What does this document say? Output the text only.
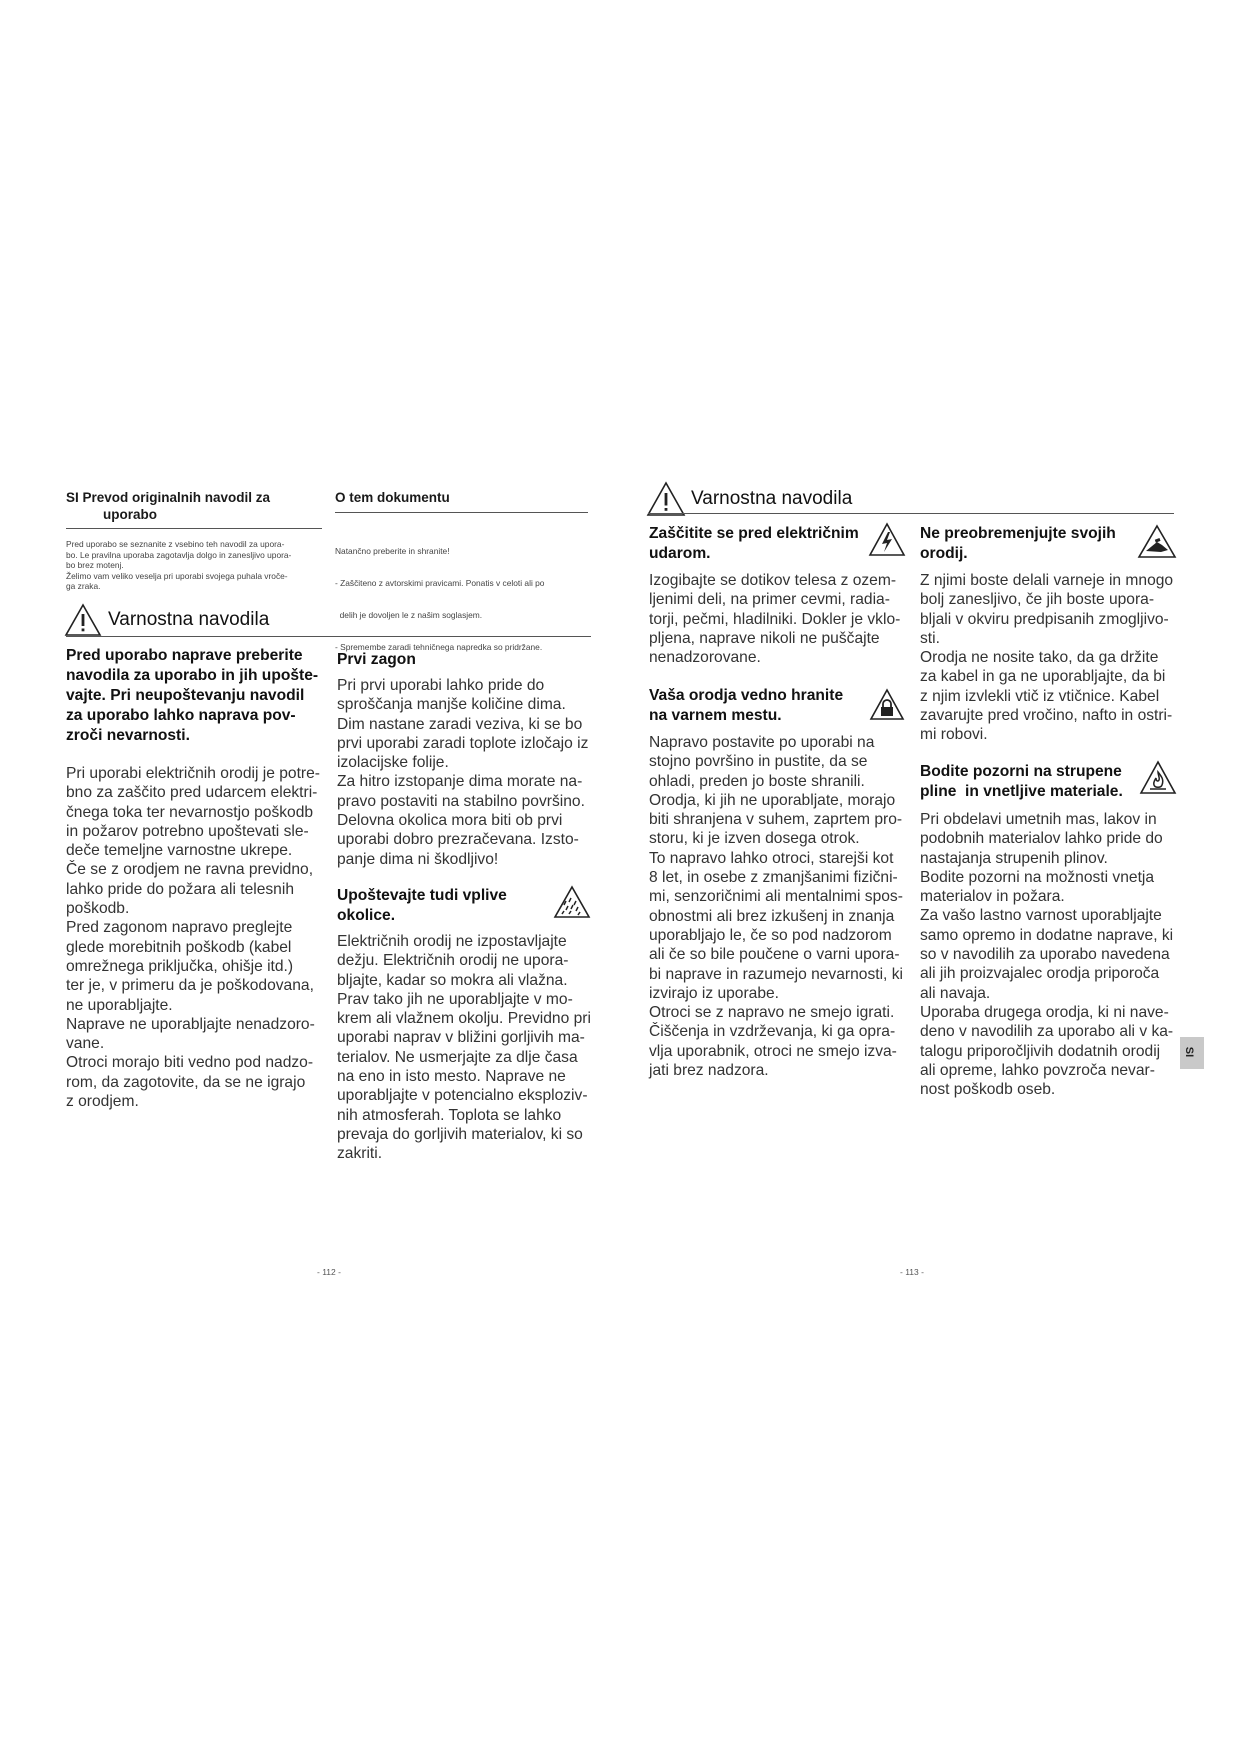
SI Prevod originalnih navodil za
uporabo
Pred uporabo se seznanite z vsebino teh navodil za upora-
bo. Le pravilna uporaba zagotavlja dolgo in zanesljivo upora-
bo brez motenj.
Želimo vam veliko veselja pri uporabi svojega puhala vroče-
ga zraka.
O tem dokumentu

Natančno preberite in shranite!

- Zaščiteno z avtorskimi pravicami. Ponatis v celoti ali po

delih je dovoljen le z našim soglasjem.

- Spremembe zaradi tehničnega napredka so pridržane.

Varnostna navodila
Pred uporabo naprave preberite
navodila za uporabo in jih upošte-
vajte. Pri neupoštevanju navodil
za uporabo lahko naprava pov-
zroči nevarnosti.
Pri uporabi električnih orodij je potre-
bno za zaščito pred udarcem elektri-
čnega toka ter nevarnostjo poškodb
in požarov potrebno upoštevati sle-
deče temeljne varnostne ukrepe.
Če se z orodjem ne ravna previdno,
lahko pride do požara ali telesnih
poškodb.
Pred zagonom napravo preglejte
glede morebitnih poškodb (kabel
omrežnega priključka, ohišje itd.)
ter je, v primeru da je poškodovana,
ne uporabljajte.
Naprave ne uporabljajte nenadzoro-
vane.
Otroci morajo biti vedno pod nadzo-
rom, da zagotovite, da se ne igrajo
z orodjem.
Prvi zagon
Pri prvi uporabi lahko pride do
sproščanja manjše količine dima.
Dim nastane zaradi veziva, ki se bo
prvi uporabi zaradi toplote izločajo iz
izolacijske folije.
Za hitro izstopanje dima morate na-
pravo postaviti na stabilno površino.
Delovna okolica mora biti ob prvi
uporabi dobro prezračevana. Izsto-
panje dima ni škodljivo!
Upoštevajte tudi vplive
okolice.
Električnih orodij ne izpostavljajte
dežju. Električnih orodij ne upora-
bljajte, kadar so mokra ali vlažna.
Prav tako jih ne uporabljajte v mo-
krem ali vlažnem okolju. Previdno pri
uporabi naprav v bližini gorljivih ma-
terialov. Ne usmerjajte za dlje časa
na eno in isto mesto. Naprave ne
uporabljajte v potencialno eksploziv-
nih atmosferah. Toplota se lahko
prevaja do gorljivih materialov, ki so
zakriti.
- 112 -
Varnostna navodila
Zaščitite se pred električnim
udarom.
Izogibajte se dotikov telesa z ozem-
ljenimi deli, na primer cevmi, radia-
torji, pečmi, hladilniki. Dokler je vklo-
pljena, naprave nikoli ne puščajte
nenadzorovane.
Vaša orodja vedno hranite
na varnem mestu.
Napravo postavite po uporabi na
stojno površino in pustite, da se
ohladi, preden jo boste shranili.
Orodja, ki jih ne uporabljate, morajo
biti shranjena v suhem, zaprtem pro-
storu, ki je izven dosega otrok.
To napravo lahko otroci, starejši kot
8 let, in osebe z zmanjšanimi fizični-
mi, senzoričnimi ali mentalnimi spos-
obnostmi ali brez izkušenj in znanja
uporabljajo le, če so pod nadzorom
ali če so bile poučene o varni upora-
bi naprave in razumejo nevarnosti, ki
izvirajo iz uporabe.
Otroci se z napravo ne smejo igrati.
Čiščenja in vzdrževanja, ki ga opra-
vlja uporabnik, otroci ne smejo izva-
jati brez nadzora.
Ne preobremenjujte svojih
orodij.
Z njimi boste delali varneje in mnogo
bolj zanesljivo, če jih boste upora-
bljali v okviru predpisanih zmogljivo-
sti.
Orodja ne nosite tako, da ga držite
za kabel in ga ne uporabljajte, da bi
z njim izvlekli vtič iz vtičnice. Kabel
zavarujte pred vročino, nafto in ostri-
mi robovi.
Bodite pozorni na strupene
pline  in vnetljive materiale.
Pri obdelavi umetnih mas, lakov in
podobnih materialov lahko pride do
nastajanja strupenih plinov.
Bodite pozorni na možnosti vnetja
materialov in požara.
Za vašo lastno varnost uporabljajte
samo opremo in dodatne naprave, ki
so v navodilih za uporabo navedena
ali jih proizvajalec orodja priporoča
ali navaja.
Uporaba drugega orodja, ki ni nave-
deno v navodilih za uporabo ali v ka-
talogu priporočljivih dodatnih orodij
ali opreme, lahko povzroča nevar-
nost poškodb oseb.
SI
- 113 -
